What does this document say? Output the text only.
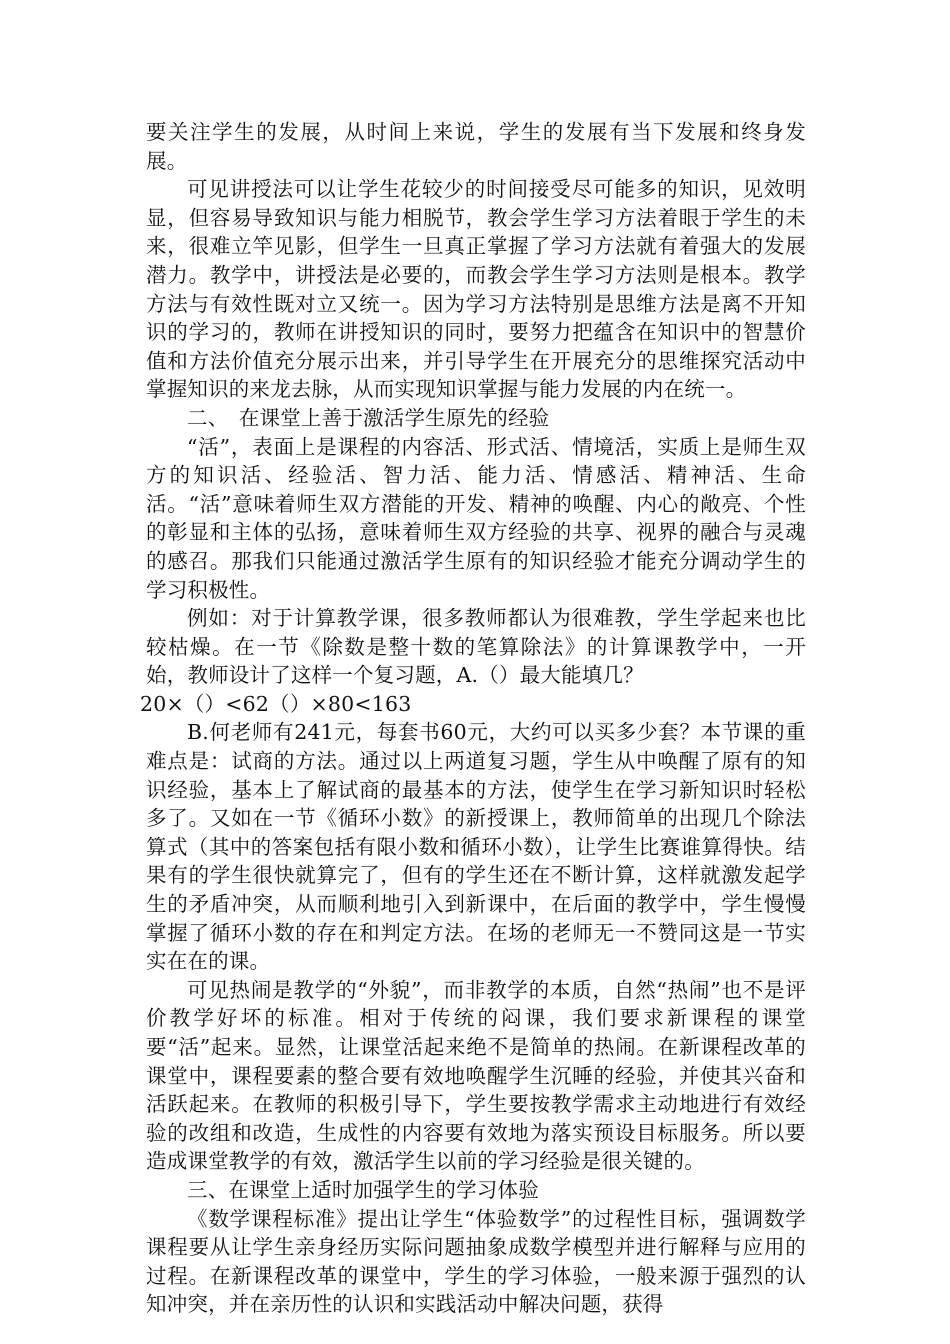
要关注学生的发展，从时间上来说，学生的发展有当下发展和终身发展。

可见讲授法可以让学生花较少的时间接受尽可能多的知识，见效明显，但容易导致知识与能力相脱节，教会学生学习方法着眼于学生的未来，很难立竿见影，但学生一旦真正掌握了学习方法就有着强大的发展潜力。教学中，讲授法是必要的，而教会学生学习方法则是根本。教学方法与有效性既对立又统一。因为学习方法特别是思维方法是离不开知识的学习的，教师在讲授知识的同时，要努力把蕴含在知识中的智慧价值和方法价值充分展示出来，并引导学生在开展充分的思维探究活动中掌握知识的来龙去脉，从而实现知识掌握与能力发展的内在统一。

二、　在课堂上善于激活学生原先的经验

“活”，表面上是课程的内容活、形式活、情境活，实质上是师生双方的知识活、经验活、智力活、能力活、情感活、精神活、生命活。“活”意味着师生双方潜能的开发、精神的唤醒、内心的敞亮、个性的彰显和主体的弘扬，意味着师生双方经验的共享、视界的融合与灵魂的感召。那我们只能通过激活学生原有的知识经验才能充分调动学生的学习积极性。

例如：对于计算教学课，很多教师都认为很难教，学生学起来也比较枯燥。在一节《除数是整十数的笔算除法》的计算课教学中，一开始，教师设计了这样一个复习题，A.（）最大能填几？

20×（）<62（）×80<163

B.何老师有241元，每套书60元，大约可以买多少套？本节课的重难点是：试商的方法。通过以上两道复习题，学生从中唤醒了原有的知识经验，基本上了解试商的最基本的方法，使学生在学习新知识时轻松多了。又如在一节《循环小数》的新授课上，教师简单的出现几个除法算式（其中的答案包括有限小数和循环小数），让学生比赛谁算得快。结果有的学生很快就算完了，但有的学生还在不断计算，这样就激发起学生的矛盾冲突，从而顺利地引入到新课中，在后面的教学中，学生慢慢掌握了循环小数的存在和判定方法。在场的老师无一不赞同这是一节实实在在的课。

可见热闹是教学的“外貌”，而非教学的本质，自然“热闹”也不是评价教学好坏的标准。相对于传统的闷课，我们要求新课程的课堂要“活”起来。显然，让课堂活起来绝不是简单的热闹。在新课程改革的课堂中，课程要素的整合要有效地唤醒学生沉睡的经验，并使其兴奋和活跃起来。在教师的积极引导下，学生要按教学需求主动地进行有效经验的改组和改造，生成性的内容要有效地为落实预设目标服务。所以要造成课堂教学的有效，激活学生以前的学习经验是很关键的。

三、在课堂上适时加强学生的学习体验

《数学课程标准》提出让学生“体验数学”的过程性目标，强调数学课程要从让学生亲身经历实际问题抽象成数学模型并进行解释与应用的过程。在新课程改革的课堂中，学生的学习体验，一般来源于强烈的认知冲突，并在亲历性的认识和实践活动中解决问题，获得
